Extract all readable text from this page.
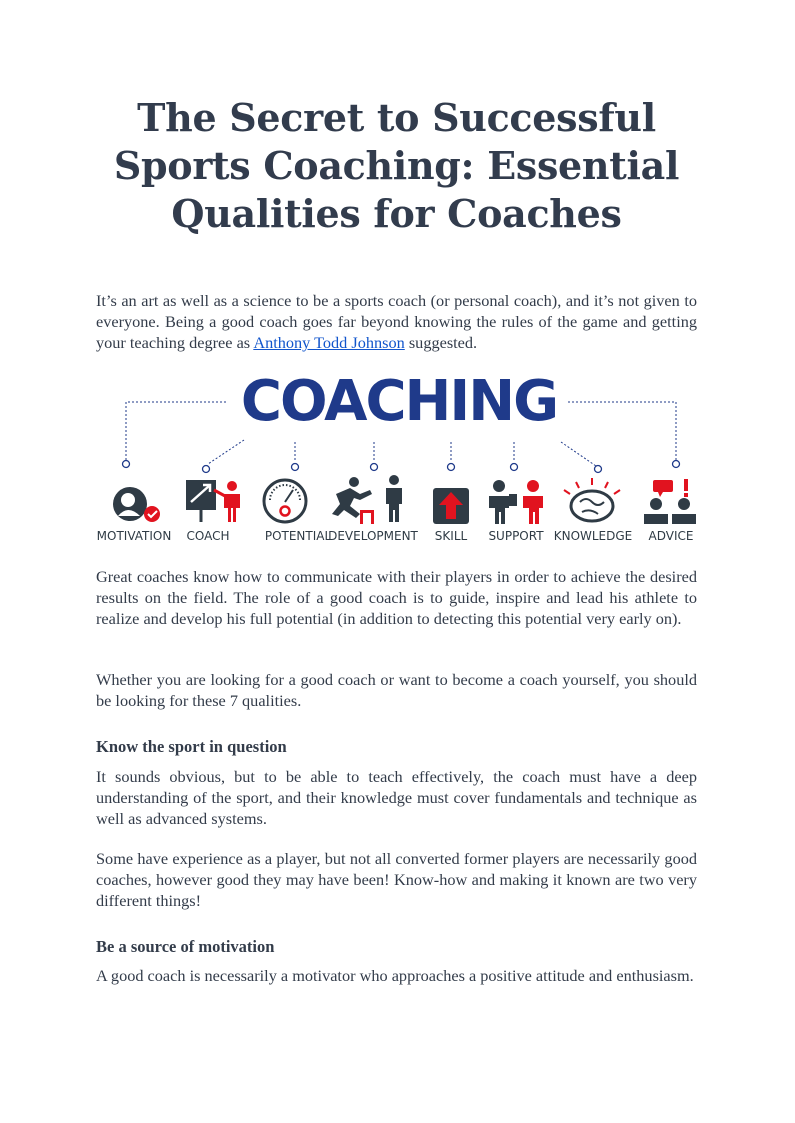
The Secret to Successful Sports Coaching: Essential Qualities for Coaches

It’s an art as well as a science to be a sports coach (or personal coach), and it’s not given to everyone. Being a good coach goes far beyond knowing the rules of the game and getting your teaching degree as Anthony Todd Johnson suggested.

Great coaches know how to communicate with their players in order to achieve the desired results on the field. The role of a good coach is to guide, inspire and lead his athlete to realize and develop his full potential (in addition to detecting this potential very early on).

Whether you are looking for a good coach or want to become a coach yourself, you should be looking for these 7 qualities.

Know the sport in question

It sounds obvious, but to be able to teach effectively, the coach must have a deep understanding of the sport, and their knowledge must cover fundamentals and technique as well as advanced systems.

Some have experience as a player, but not all converted former players are necessarily good coaches, however good they may have been! Know-how and making it known are two very different things!

Be a source of motivation

A good coach is necessarily a motivator who approaches a positive attitude and enthusiasm.

COACHING
MOTIVATION COACH	POTENTIAL
DEVELOPMENT SKILL SUPPORT KNOWLEDGE ADVICE
